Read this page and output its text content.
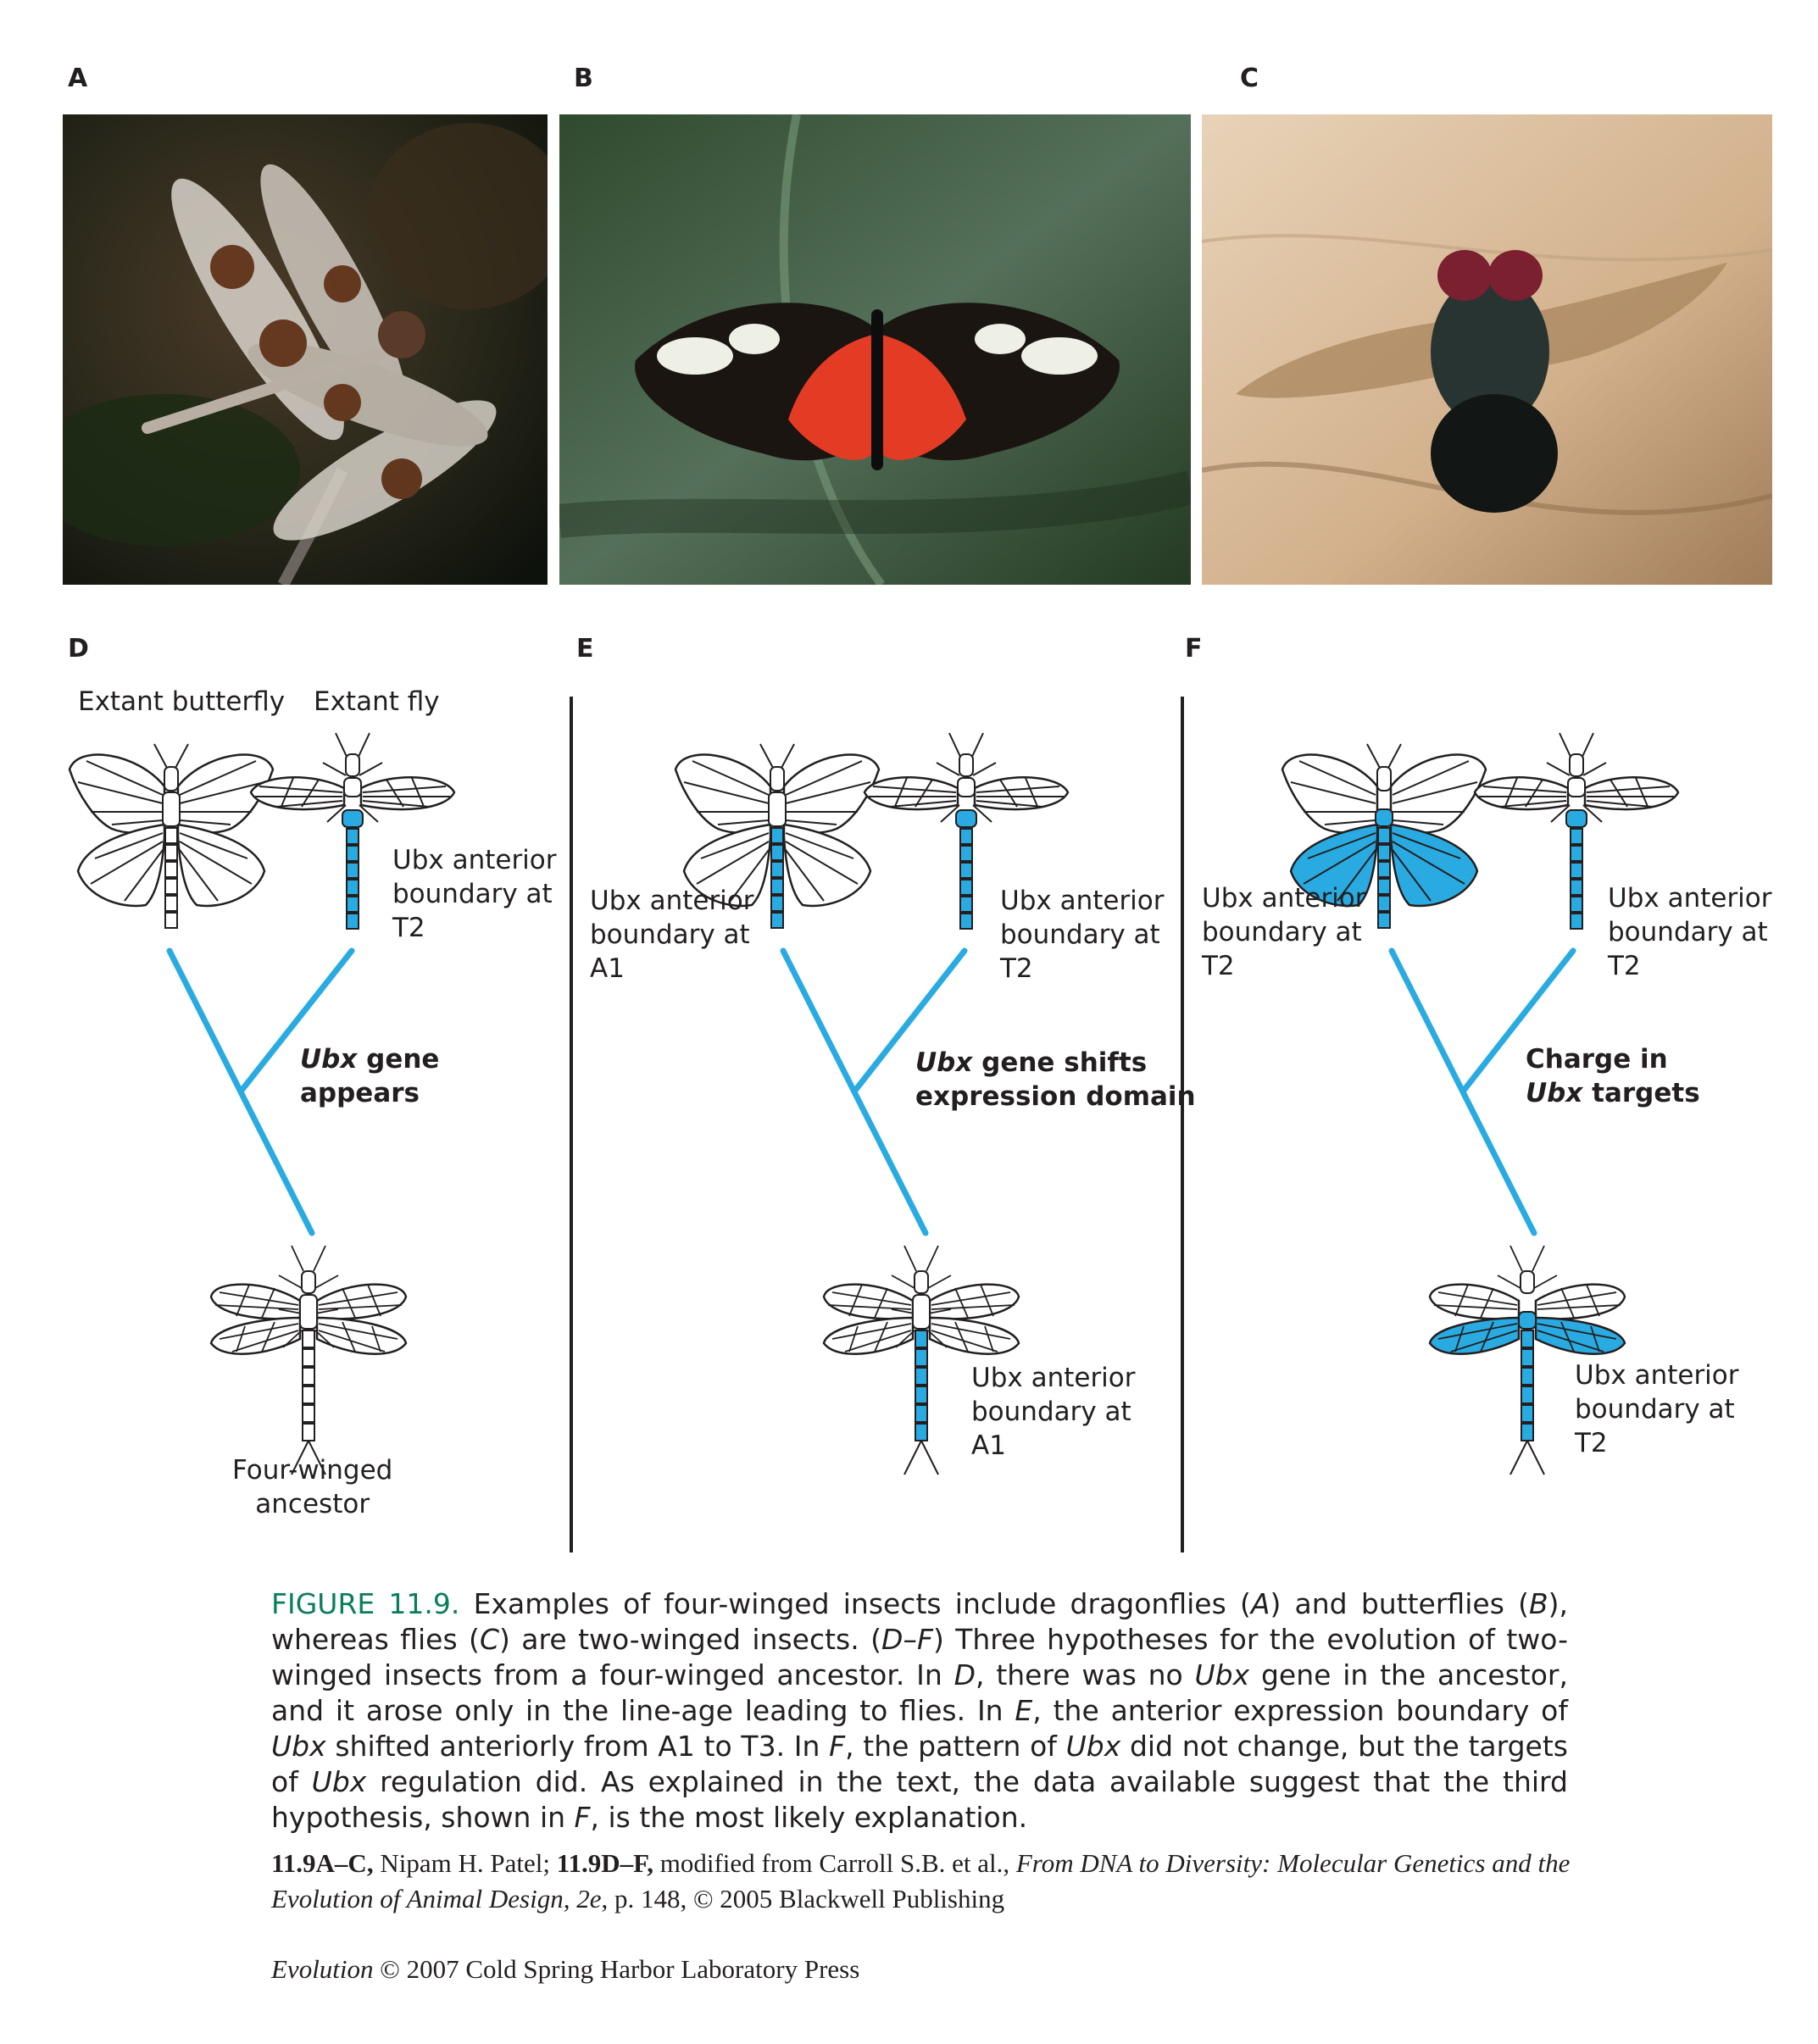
A	B	C
D	E	F
Extant butterfly Extant fly
Ubx anterior
boundary at
T2
Ubx gene
appears
Four-winged
ancestor
Ubx anterior
boundary at
A1
Ubx anterior
boundary at
T2
Ubx gene shifts
expression domain
Ubx anterior
boundary at
A1
Ubx anterior
boundary at
T2
Ubx anterior
boundary at
T2
Charge in
Ubx targets
Ubx anterior
boundary at
T2
FIGURE 11.9. Examples of four-winged insects include dragonflies (A) and butterflies (B), whereas flies (C) are two-winged insects. (D–F) Three hypotheses for the evolution of two-winged insects from a four-winged ancestor. In D, there was no Ubx gene in the ancestor, and it arose only in the line-age leading to flies. In E, the anterior expression boundary of Ubx shifted anteriorly from A1 to T3. In F, the pattern of Ubx did not change, but the targets of Ubx regulation did. As explained in the text, the data available suggest that the third hypothesis, shown in F, is the most likely explanation.
11.9A–C, Nipam H. Patel; 11.9D–F, modified from Carroll S.B. et al., From DNA to Diversity: Molecular Genetics and the Evolution of Animal Design, 2e, p. 148, © 2005 Blackwell Publishing
Evolution © 2007 Cold Spring Harbor Laboratory Press
